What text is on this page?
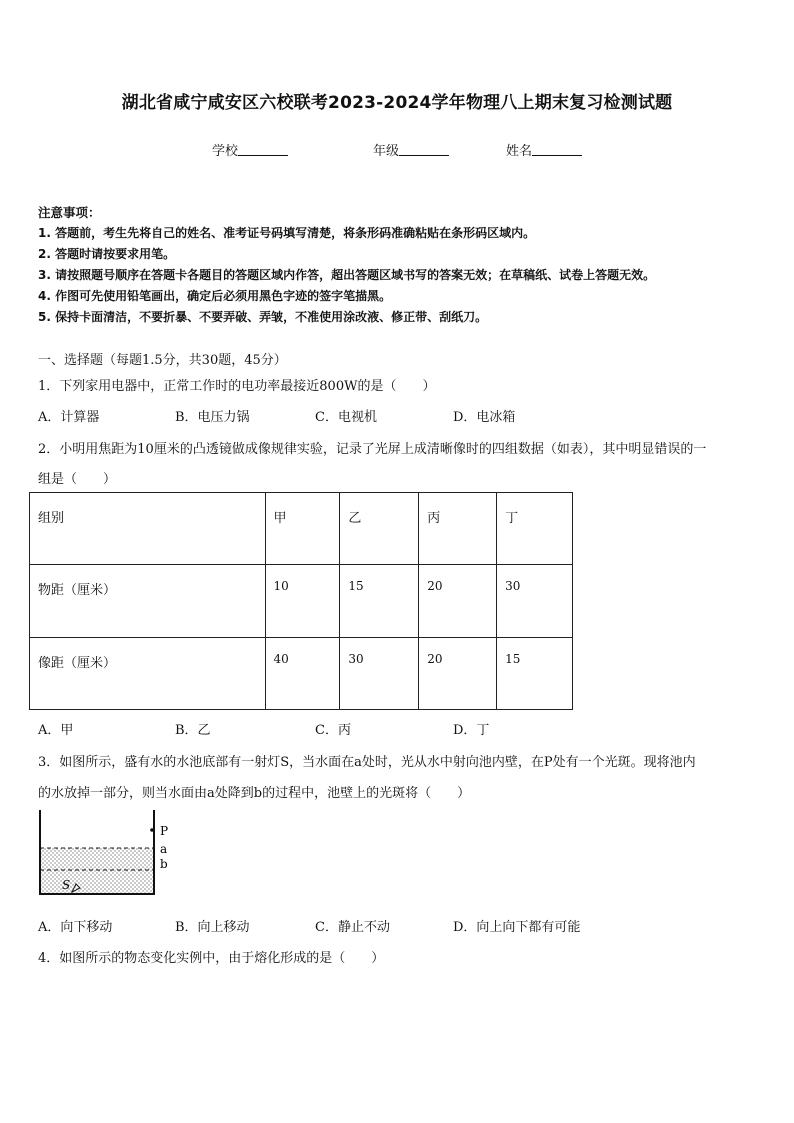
湖北省咸宁咸安区六校联考2023-2024学年物理八上期末复习检测试题
学校	年级	姓名
注意事项：
1. 答题前，考生先将自己的姓名、准考证号码填写清楚，将条形码准确粘贴在条形码区域内。
2. 答题时请按要求用笔。
3. 请按照题号顺序在答题卡各题目的答题区域内作答，超出答题区域书写的答案无效；在草稿纸、试卷上答题无效。
4. 作图可先使用铅笔画出，确定后必须用黑色字迹的签字笔描黑。
5. 保持卡面清洁，不要折暴、不要弄破、弄皱，不准使用涂改液、修正带、刮纸刀。
一、选择题（每题1.5分，共30题，45分）
1．下列家用电器中，正常工作时的电功率最接近800W的是（　　）
A．计算器	B．电压力锅	C．电视机	D．电冰箱
2．小明用焦距为10厘米的凸透镜做成像规律实验，记录了光屏上成清晰像时的四组数据（如表），其中明显错误的一
组是（　　）
组别	甲	乙	丙	丁
物距（厘米）	10	15	20	30
像距（厘米）	40	30	20	15
A．甲	B．乙	C．丙	D．丁
3．如图所示，盛有水的水池底部有一射灯S，当水面在a处时，光从水中射向池内壁，在P处有一个光斑。现将池内
的水放掉一部分，则当水面由a处降到b的过程中，池壁上的光斑将（　　）
P
a
b
S
A．向下移动	B．向上移动	C．静止不动	D．向上向下都有可能
4．如图所示的物态变化实例中，由于熔化形成的是（　　）
